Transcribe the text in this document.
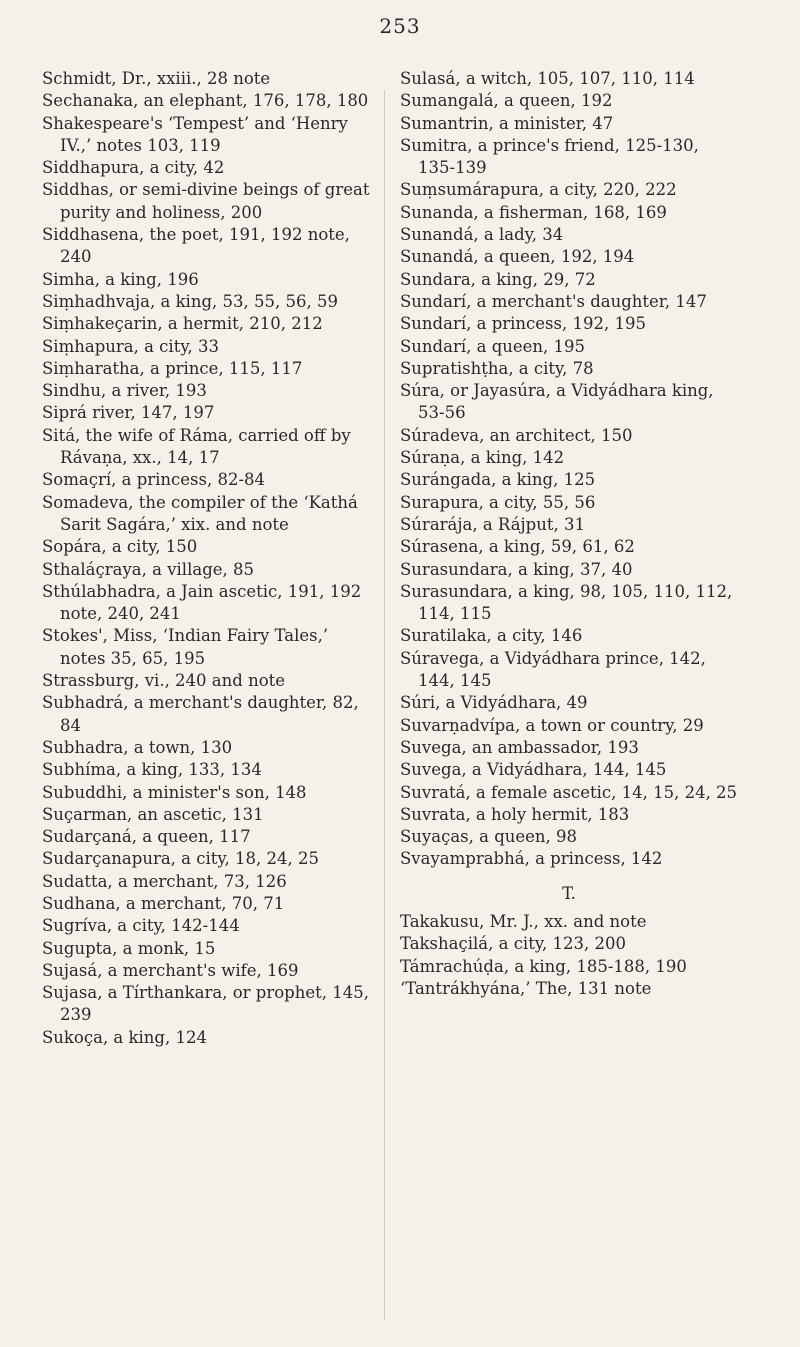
253

Schmidt, Dr., xxiii., 28 note

Sechanaka, an elephant, 176, 178, 180

Shakespeare's ‘Tempest’ and ‘Henry IV.,’ notes 103, 119

Siddhapura, a city, 42

Siddhas, or semi-divine beings of great purity and holiness, 200

Siddhasena, the poet, 191, 192 note, 240

Simha, a king, 196

Siṃhadhvaja, a king, 53, 55, 56, 59

Siṃhakeçarin, a hermit, 210, 212

Siṃhapura, a city, 33

Siṃharatha, a prince, 115, 117

Sindhu, a river, 193

Siprá river, 147, 197

Sitá, the wife of Ráma, carried off by Rávaṇa, xx., 14, 17

Somaçrí, a princess, 82-84

Somadeva, the compiler of the ‘Kathá Sarit Sagára,’ xix. and note

Sopára, a city, 150

Sthaláçraya, a village, 85

Sthúlabhadra, a Jain ascetic, 191, 192 note, 240, 241

Stokes', Miss, ‘Indian Fairy Tales,’ notes 35, 65, 195

Strassburg, vi., 240 and note

Subhadrá, a merchant's daughter, 82, 84

Subhadra, a town, 130

Subhíma, a king, 133, 134

Subuddhi, a minister's son, 148

Suçarman, an ascetic, 131

Sudarçaná, a queen, 117

Sudarçanapura, a city, 18, 24, 25

Sudatta, a merchant, 73, 126

Sudhana, a merchant, 70, 71

Sugríva, a city, 142-144

Sugupta, a monk, 15

Sujasá, a merchant's wife, 169

Sujasa, a Tírthankara, or prophet, 145, 239

Sukoça, a king, 124

Sulasá, a witch, 105, 107, 110, 114

Sumangalá, a queen, 192

Sumantrin, a minister, 47

Sumitra, a prince's friend, 125-130, 135-139

Suṃsumárapura, a city, 220, 222

Sunanda, a fisherman, 168, 169

Sunandá, a lady, 34

Sunandá, a queen, 192, 194

Sundara, a king, 29, 72

Sundarí, a merchant's daughter, 147

Sundarí, a princess, 192, 195

Sundarí, a queen, 195

Supratishṭha, a city, 78

Súra, or Jayasúra, a Vidyádhara king, 53-56

Súradeva, an architect, 150

Súraṇa, a king, 142

Surángada, a king, 125

Surapura, a city, 55, 56

Súrarája, a Rájput, 31

Súrasena, a king, 59, 61, 62

Surasundara, a king, 37, 40

Surasundara, a king, 98, 105, 110, 112, 114, 115

Suratilaka, a city, 146

Súravega, a Vidyádhara prince, 142, 144, 145

Súri, a Vidyádhara, 49

Suvarṇadvípa, a town or country, 29

Suvega, an ambassador, 193

Suvega, a Vidyádhara, 144, 145

Suvratá, a female ascetic, 14, 15, 24, 25

Suvrata, a holy hermit, 183

Suyaças, a queen, 98

Svayamprabhá, a princess, 142

T.

Takakusu, Mr. J., xx. and note

Takshaçilá, a city, 123, 200

Támrachúḍa, a king, 185-188, 190

‘Tantrákhyána,’ The, 131 note
